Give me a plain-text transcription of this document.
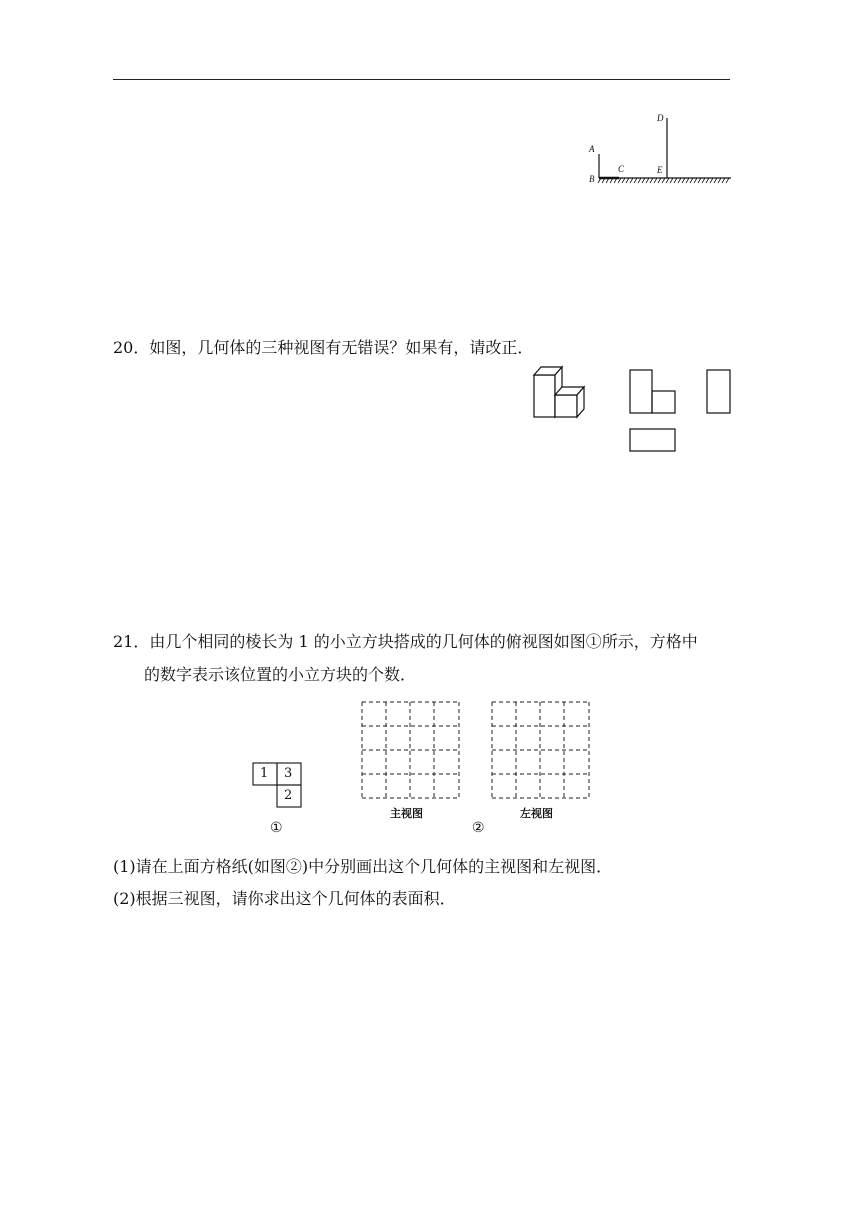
A
B
C
D
E
20．如图，几何体的三种视图有无错误？如果有，请改正．
21．由几个相同的棱长为 1 的小立方块搭成的几何体的俯视图如图①所示，方格中
的数字表示该位置的小立方块的个数．
1 3
2
①
主视图	左视图
②
(1)请在上面方格纸(如图②)中分别画出这个几何体的主视图和左视图．
(2)根据三视图，请你求出这个几何体的表面积．
